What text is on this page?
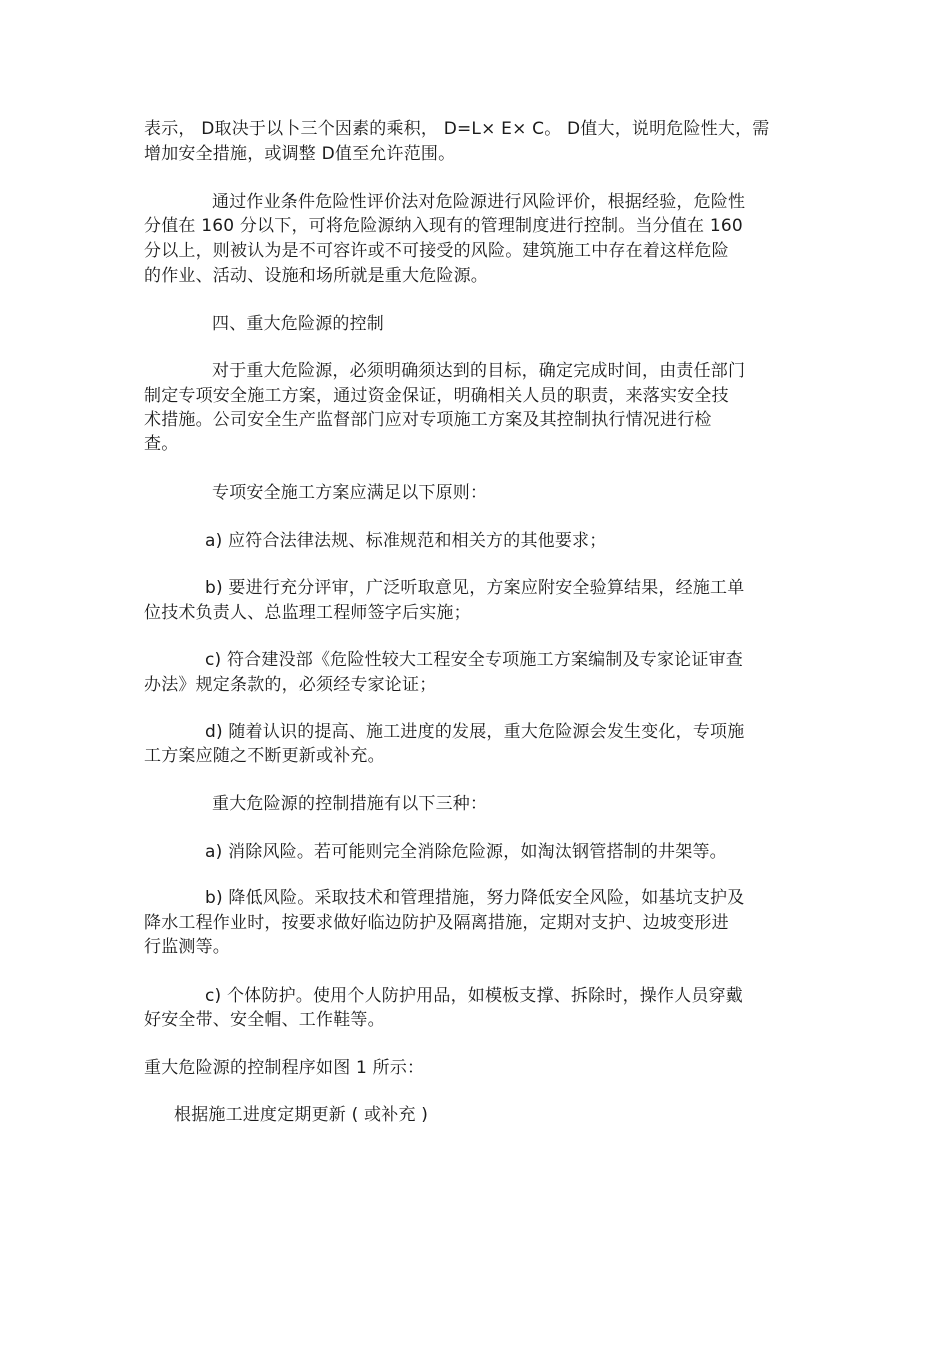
表示， D取决于以卜三个因素的乘积， D=L× E× C。 D值大，说明危险性大，需
增加安全措施，或调整 D值至允许范围。
通过作业条件危险性评价法对危险源进行风险评价，根据经验，危险性
分值在 160 分以下，可将危险源纳入现有的管理制度进行控制。当分值在 160
分以上，则被认为是不可容许或不可接受的风险。建筑施工中存在着这样危险
的作业、活动、设施和场所就是重大危险源。
四、重大危险源的控制
对于重大危险源，必须明确须达到的目标，确定完成时间，由责任部门
制定专项安全施工方案，通过资金保证，明确相关人员的职责，来落实安全技
术措施。公司安全生产监督部门应对专项施工方案及其控制执行情况进行检
查。
专项安全施工方案应满足以下原则：
a) 应符合法律法规、标准规范和相关方的其他要求；
b) 要进行充分评审，广泛听取意见，方案应附安全验算结果，经施工单
位技术负责人、总监理工程师签字后实施；
c) 符合建没部《危险性较大工程安全专项施工方案编制及专家论证审查
办法》规定条款的，必须经专家论证；
d) 随着认识的提高、施工进度的发展，重大危险源会发生变化，专项施
工方案应随之不断更新或补充。
重大危险源的控制措施有以下三种：
a) 消除风险。若可能则完全消除危险源，如淘汰钢管搭制的井架等。
b) 降低风险。采取技术和管理措施，努力降低安全风险，如基坑支护及
降水工程作业时，按要求做好临边防护及隔离措施，定期对支护、边坡变形进
行监测等。
c) 个体防护。使用个人防护用品，如模板支撑、拆除时，操作人员穿戴
好安全带、安全帽、工作鞋等。
重大危险源的控制程序如图 1 所示：
根据施工进度定期更新 ( 或补充 )
